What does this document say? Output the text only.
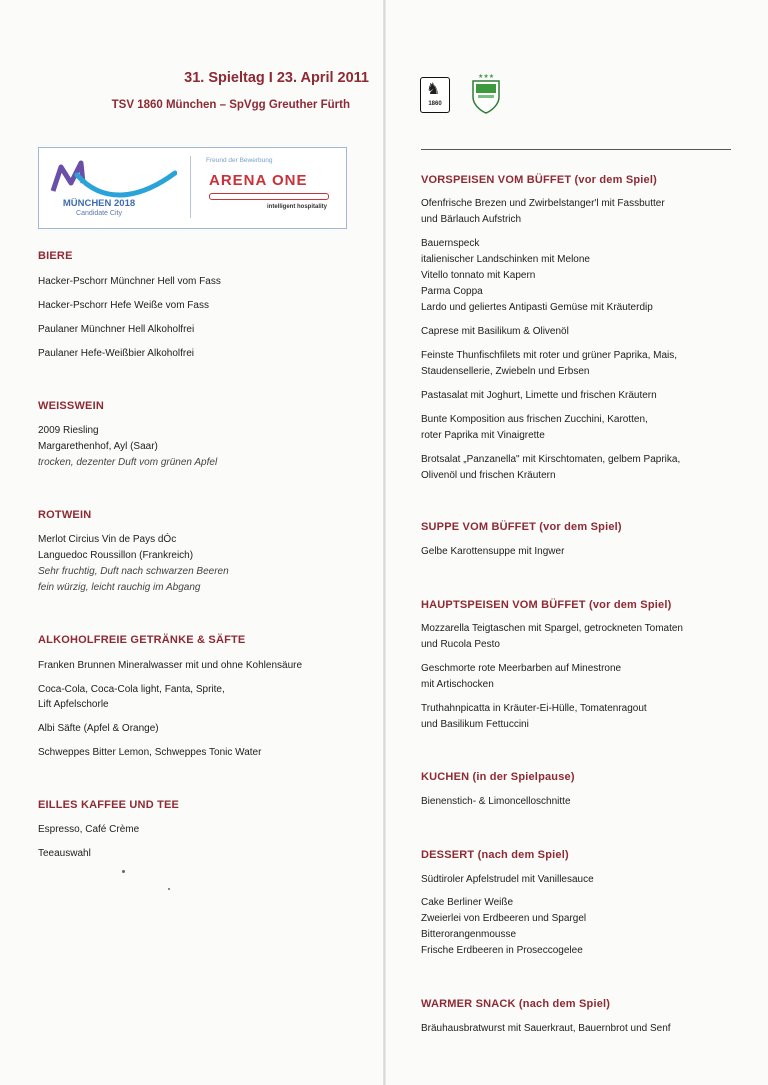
31. Spieltag I 23. April 2011
TSV 1860 München – SpVgg Greuther Fürth
MÜNCHEN 2018
Candidate City
Freund der Bewerbung
ARENA ONE
intelligent hospitality
♞
1860
★★★
BIERE
Hacker-Pschorr Münchner Hell vom Fass
Hacker-Pschorr Hefe Weiße vom Fass
Paulaner Münchner Hell Alkoholfrei
Paulaner Hefe-Weißbier Alkoholfrei
WEISSWEIN
2009 Riesling
Margarethenhof, Ayl (Saar)
trocken, dezenter Duft vom grünen Apfel
ROTWEIN
Merlot Circius Vin de Pays dÓc
Languedoc Roussillon (Frankreich)
Sehr fruchtig, Duft nach schwarzen Beeren
fein würzig, leicht rauchig im Abgang
ALKOHOLFREIE GETRÄNKE & SÄFTE
Franken Brunnen Mineralwasser mit und ohne Kohlensäure
Coca-Cola, Coca-Cola light, Fanta, Sprite,
Lift Apfelschorle
Albi Säfte (Apfel & Orange)
Schweppes Bitter Lemon, Schweppes Tonic Water
EILLES KAFFEE UND TEE
Espresso, Café Crème
Teeauswahl
VORSPEISEN VOM BÜFFET (vor dem Spiel)
Ofenfrische Brezen und Zwirbelstanger'l mit Fassbutter
und Bärlauch Aufstrich
Bauernspeck
italienischer Landschinken mit Melone
Vitello tonnato mit Kapern
Parma Coppa
Lardo und geliertes Antipasti Gemüse mit Kräuterdip
Caprese mit Basilikum & Olivenöl
Feinste Thunfischfilets mit roter und grüner Paprika, Mais,
Staudensellerie, Zwiebeln und Erbsen
Pastasalat mit Joghurt, Limette und frischen Kräutern
Bunte Komposition aus frischen Zucchini, Karotten,
roter Paprika mit Vinaigrette
Brotsalat „Panzanella" mit Kirschtomaten, gelbem Paprika,
Olivenöl und frischen Kräutern
SUPPE VOM BÜFFET (vor dem Spiel)
Gelbe Karottensuppe mit Ingwer
HAUPTSPEISEN VOM BÜFFET (vor dem Spiel)
Mozzarella Teigtaschen mit Spargel, getrockneten Tomaten
und Rucola Pesto
Geschmorte rote Meerbarben auf Minestrone
mit Artischocken
Truthahnpicatta in Kräuter-Ei-Hülle, Tomatenragout
und Basilikum Fettuccini
KUCHEN (in der Spielpause)
Bienenstich- & Limoncelloschnitte
DESSERT (nach dem Spiel)
Südtiroler Apfelstrudel mit Vanillesauce
Cake Berliner Weiße
Zweierlei von Erdbeeren und Spargel
Bitterorangenmousse
Frische Erdbeeren in Proseccogelee
WARMER SNACK (nach dem Spiel)
Bräuhausbratwurst mit Sauerkraut, Bauernbrot und Senf
